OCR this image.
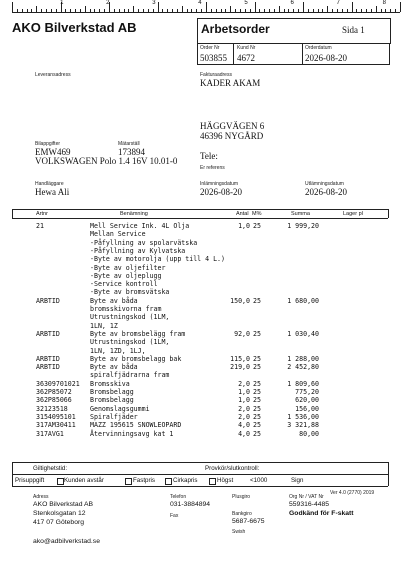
1	2	3	4	5	6	7	8
AKO Bilverkstad AB	Arbetsorder	Sida 1
Order Nr
503855
Kund Nr
4672
Orderdatum
2026-08-20
Leveransadress
Bilappgifter
EMW469
Mätarställ
173894
VOLKSWAGEN Polo 1.4 16V 10.01-0
Handläggare
Hewa Ali
Fakturaadress
KADER AKAM
HÄGGVÄGEN 6
46396 NYGÅRD
Tele:
Er referens
Inlämningsdatum
2026-08-20
Utlämningsdatum
2026-08-20
Artnr	Benämning	Antal M%	Summa	Lager pl
21	Mell Service Ink. 4L Olja	1,0 25	1 999,20
Mellan Service
-Påfyllning av spolarvätska
-Påfyllning av Kylvatska
-Byte av motorolja (upp till 4 L.)
-Byte av oljefilter
-Byte av oljeplugg
-Service kontroll
-Byte av bromsvätska
ARBTID	Byte av båda	150,0 25	1 680,00
bromsskivorna fram
Utrustningskod (1LM,
1LN, 1Z
ARBTID	Byte av bromsbelägg fram	92,0 25	1 030,40
Utrustningskod (1LM,
1LN, 1ZD, 1LJ,
ARBTID	Byte av bromsbelagg bak	115,0 25	1 288,00
ARBTID	Byte av båda	219,0 25	2 452,80
spiralfjädrarna fram
36309701021 Bromsskiva	2,0 25	1 809,60
362P85072	Bromsbelagg	1,0 25	775,20
362P85066	Bromsbelagg	1,0 25	620,00
32123518	Genomslagsgummi	2,0 25	156,00
3154095101 Spiralfjäder	2,0 25	1 536,00
317AM30411 MAZZ 195615 SNOWLEOPARD	4,0 25	3 321,88
317AVG1	Återvinningsavg kat 1	4,0 25	80,00
Giltighetstid:	Provkör/slutkontroll:
Prisuppgift	Kunden avstår	Fastpris	Cirkapris	Högst	<1000	Sign
Ver 4.0 (2770) 2019
Adress
AKO Bilverkstad AB
Stenkolsgatan 12
417 07 Göteborg
Telefon
031-3884894
Fax
Plusgiro
Bankgiro
5687-6675
Swish
Org Nr / VAT Nr
559316-4485
Godkänd för F-skatt
ako@adbilverkstad.se
